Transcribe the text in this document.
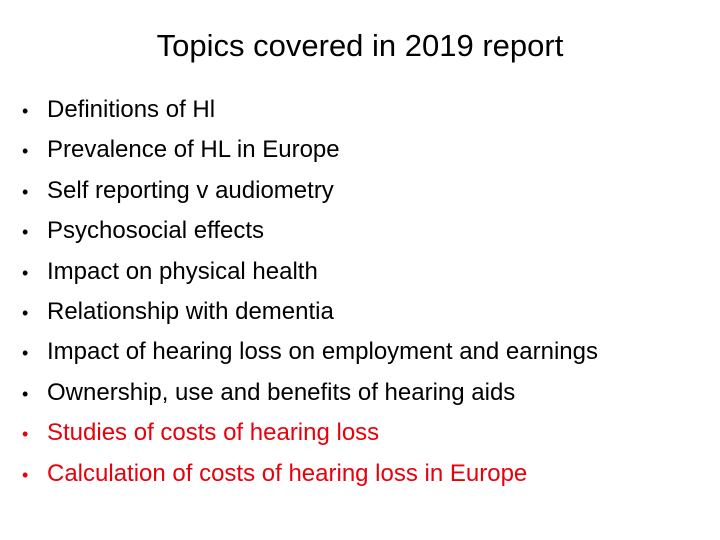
Topics covered in 2019 report
• Definitions of Hl
• Prevalence of HL in Europe
• Self reporting v audiometry
• Psychosocial effects
• Impact on physical health
• Relationship with dementia
• Impact of hearing loss on employment and earnings
• Ownership, use and benefits of hearing aids
• Studies of costs of hearing loss
• Calculation of costs of hearing loss in Europe
